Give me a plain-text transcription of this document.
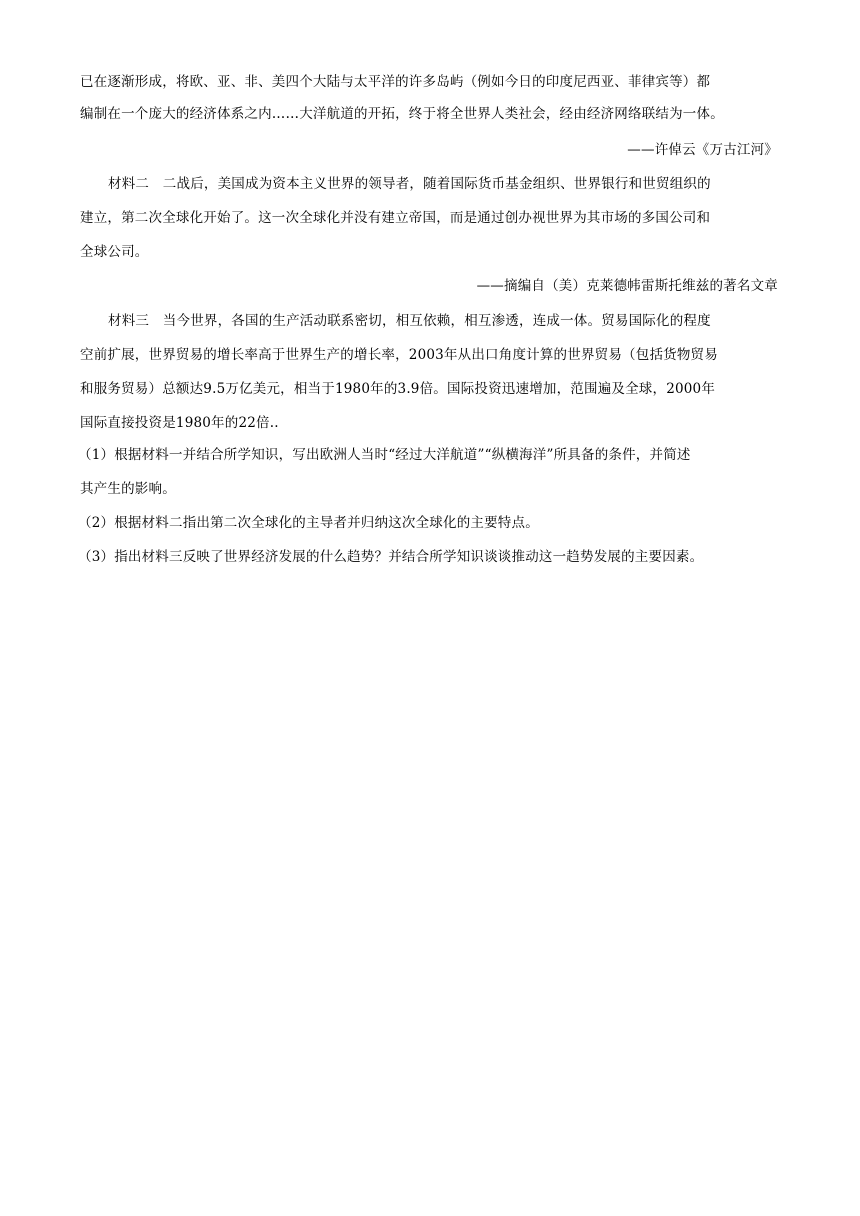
已在逐渐形成，将欧、亚、非、美四个大陆与太平洋的许多岛屿（例如今日的印度尼西亚、菲律宾等）都
编制在一个庞大的经济体系之内……大洋航道的开拓，终于将全世界人类社会，经由经济网络联结为一体。
——许倬云《万古江河》
材料二　二战后，美国成为资本主义世界的领导者，随着国际货币基金组织、世界银行和世贸组织的
建立，第二次全球化开始了。这一次全球化并没有建立帝国，而是通过创办视世界为其市场的多国公司和
全球公司。
——摘编自（美）克莱德帏雷斯托维兹的著名文章
材料三　当今世界，各国的生产活动联系密切，相互依赖，相互渗透，连成一体。贸易国际化的程度
空前扩展，世界贸易的增长率高于世界生产的增长率，2003年从出口角度计算的世界贸易（包括货物贸易
和服务贸易）总额达9.5万亿美元，相当于1980年的3.9倍。国际投资迅速增加，范围遍及全球，2000年
国际直接投资是1980年的22倍..
（1）根据材料一并结合所学知识，写出欧洲人当时“经过大洋航道”“纵横海洋”所具备的条件，并简述
其产生的影响。
（2）根据材料二指出第二次全球化的主导者并归纳这次全球化的主要特点。
（3）指出材料三反映了世界经济发展的什么趋势？并结合所学知识谈谈推动这一趋势发展的主要因素。
